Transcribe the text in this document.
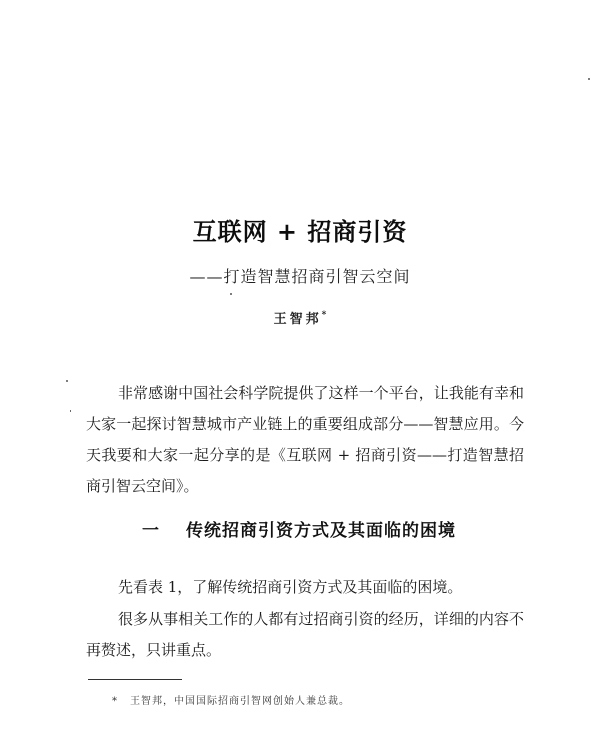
互联网 + 招商引资
——打造智慧招商引智云空间
王智邦*
非常感谢中国社会科学院提供了这样一个平台，让我能有幸和大家一起探讨智慧城市产业链上的重要组成部分——智慧应用。今天我要和大家一起分享的是《互联网 + 招商引资——打造智慧招商引智云空间》。
一 传统招商引资方式及其面临的困境
先看表 1，了解传统招商引资方式及其面临的困境。
很多从事相关工作的人都有过招商引资的经历，详细的内容不再赘述，只讲重点。
* 王智邦，中国国际招商引智网创始人兼总裁。
